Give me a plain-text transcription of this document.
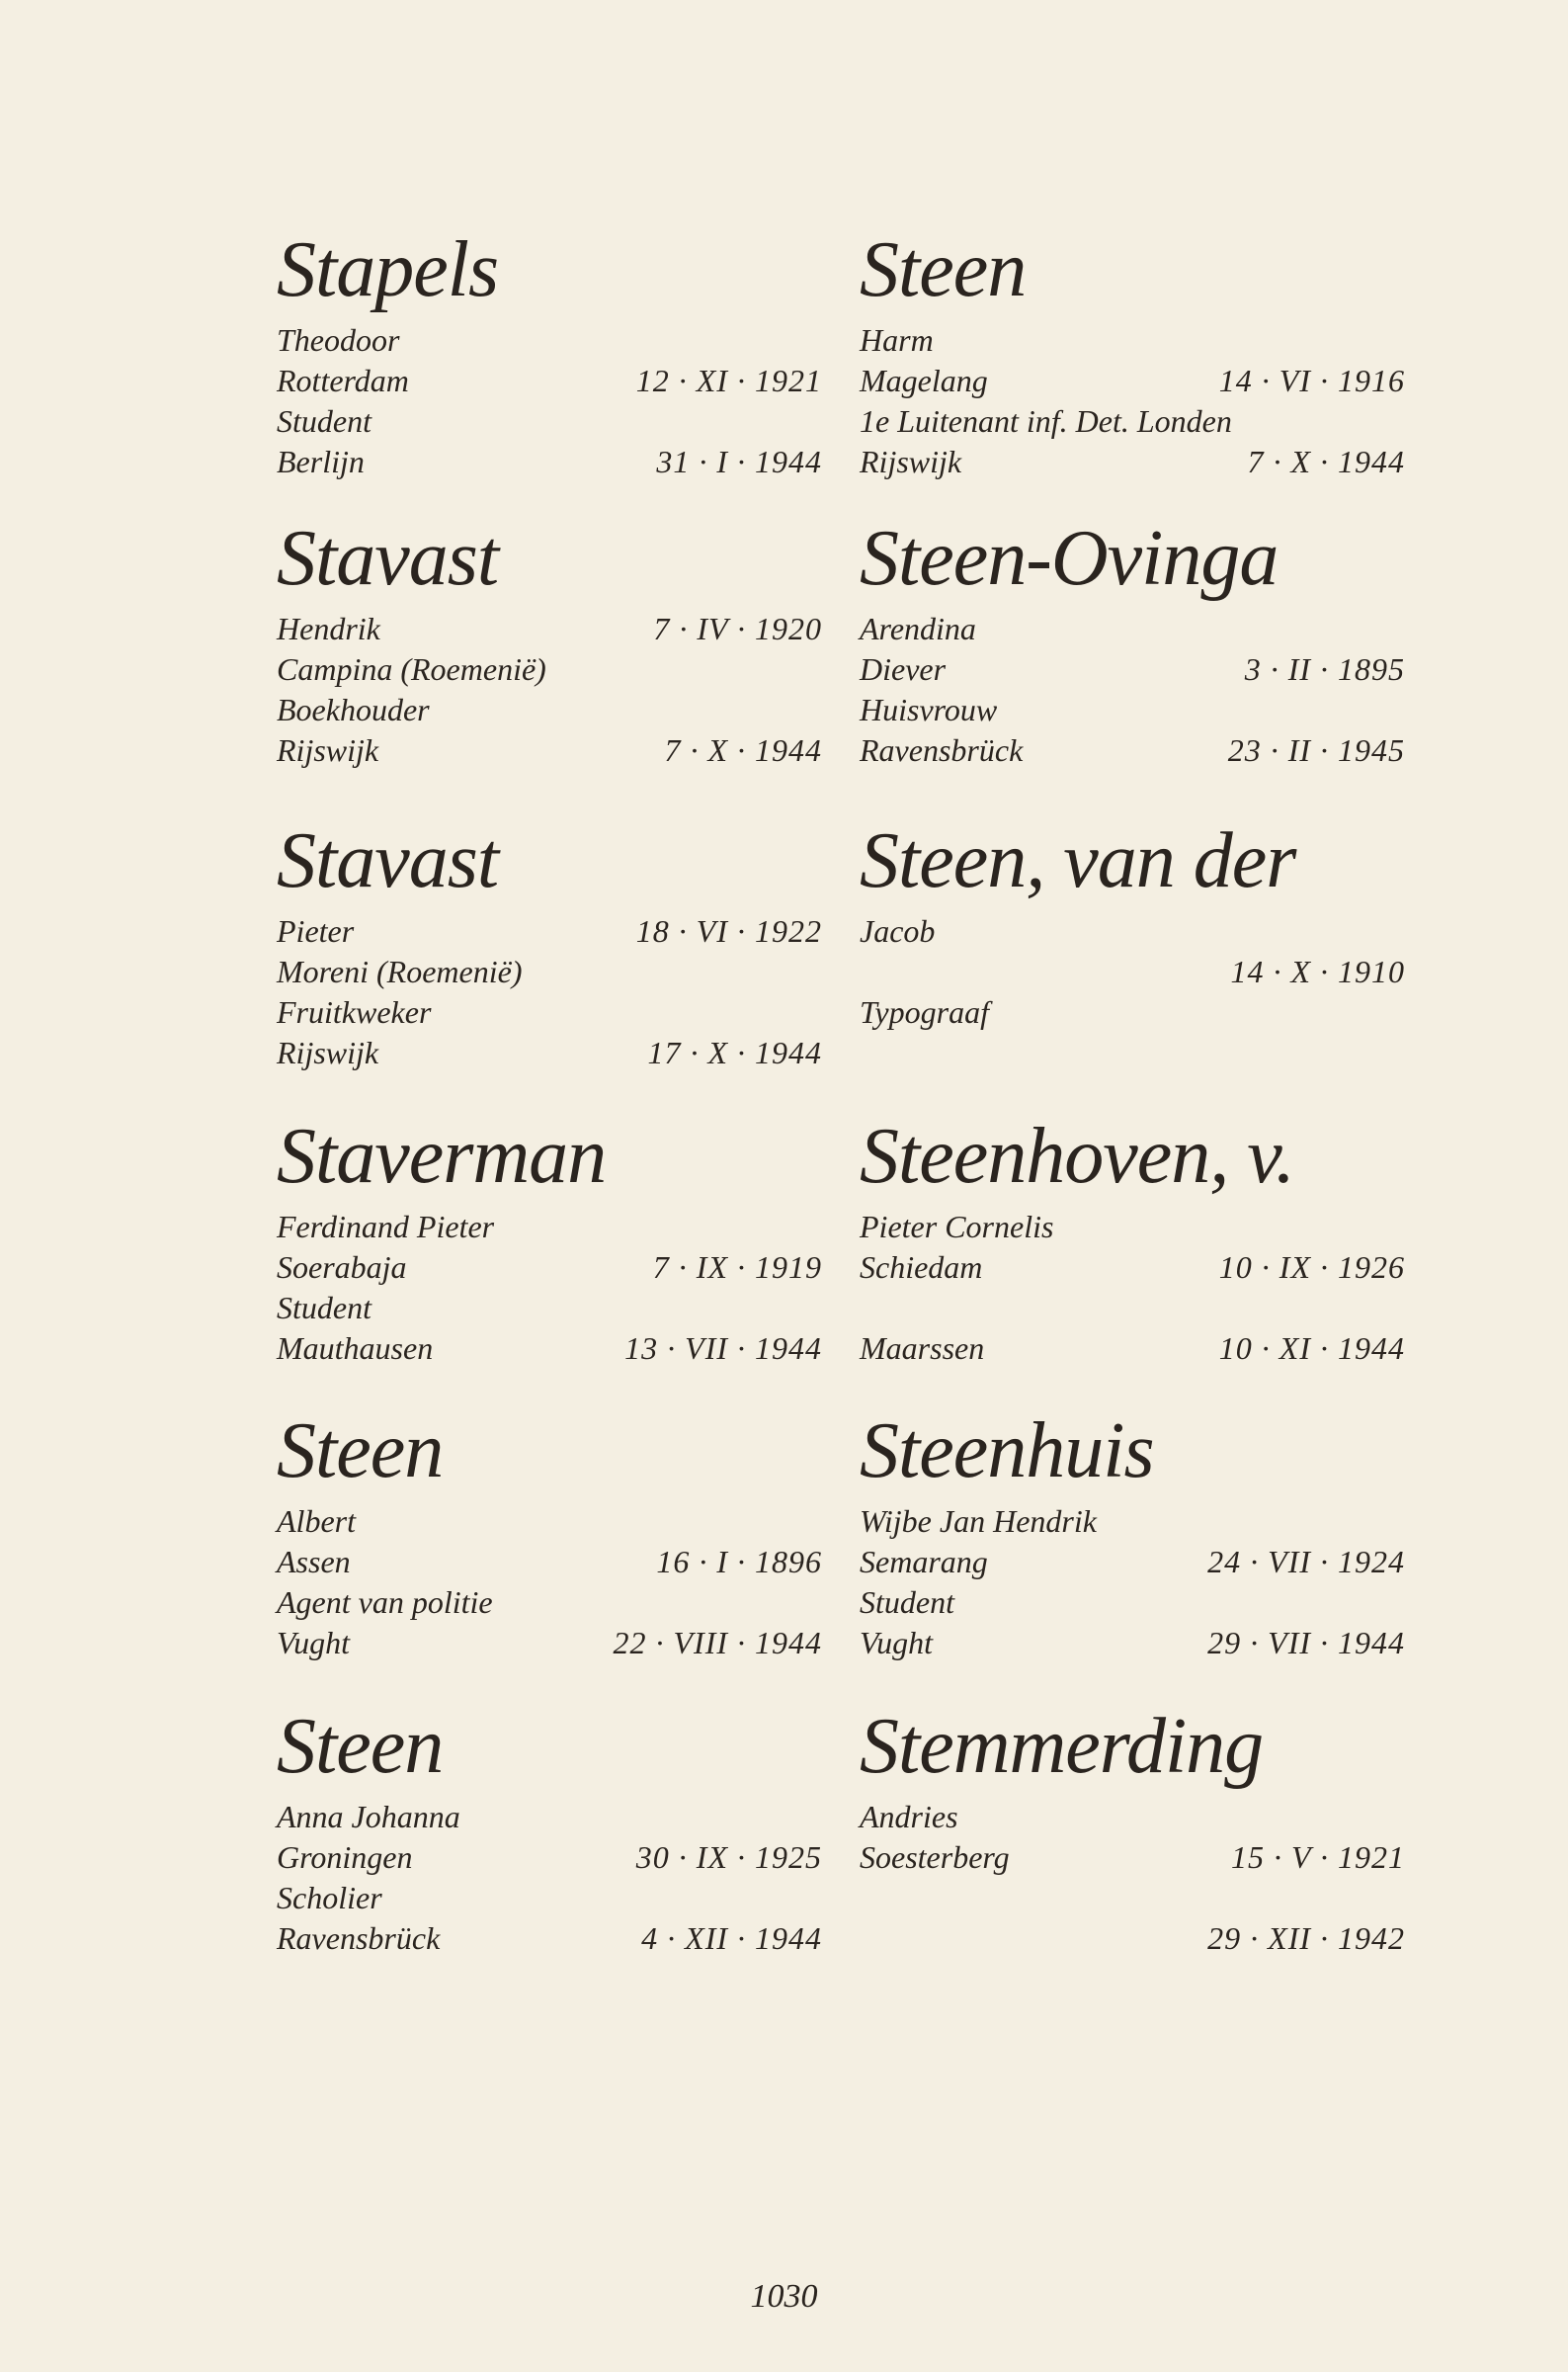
Stapels
Theodoor
Rotterdam	12 · XI · 1921
Student
Berlijn	31 · I · 1944
Stavast
Hendrik	7 · IV · 1920
Campina (Roemenië)
Boekhouder
Rijswijk	7 · X · 1944
Stavast
Pieter	18 · VI · 1922
Moreni (Roemenië)
Fruitkweker
Rijswijk	17 · X · 1944
Staverman
Ferdinand Pieter
Soerabaja	7 · IX · 1919
Student
Mauthausen	13 · VII · 1944
Steen
Albert
Assen	16 · I · 1896
Agent van politie
Vught	22 · VIII · 1944
Steen
Anna Johanna
Groningen	30 · IX · 1925
Scholier
Ravensbrück	4 · XII · 1944
Steen
Harm
Magelang	14 · VI · 1916
1e Luitenant inf. Det. Londen
Rijswijk	7 · X · 1944
Steen-Ovinga
Arendina
Diever	3 · II · 1895
Huisvrouw
Ravensbrück	23 · II · 1945
Steen, van der
Jacob
14 · X · 1910
Typograaf
Steenhoven, v.
Pieter Cornelis
Schiedam	10 · IX · 1926
Maarssen	10 · XI · 1944
Steenhuis
Wijbe Jan Hendrik
Semarang	24 · VII · 1924
Student
Vught	29 · VII · 1944
Stemmerding
Andries
Soesterberg	15 · V · 1921
29 · XII · 1942
1030
